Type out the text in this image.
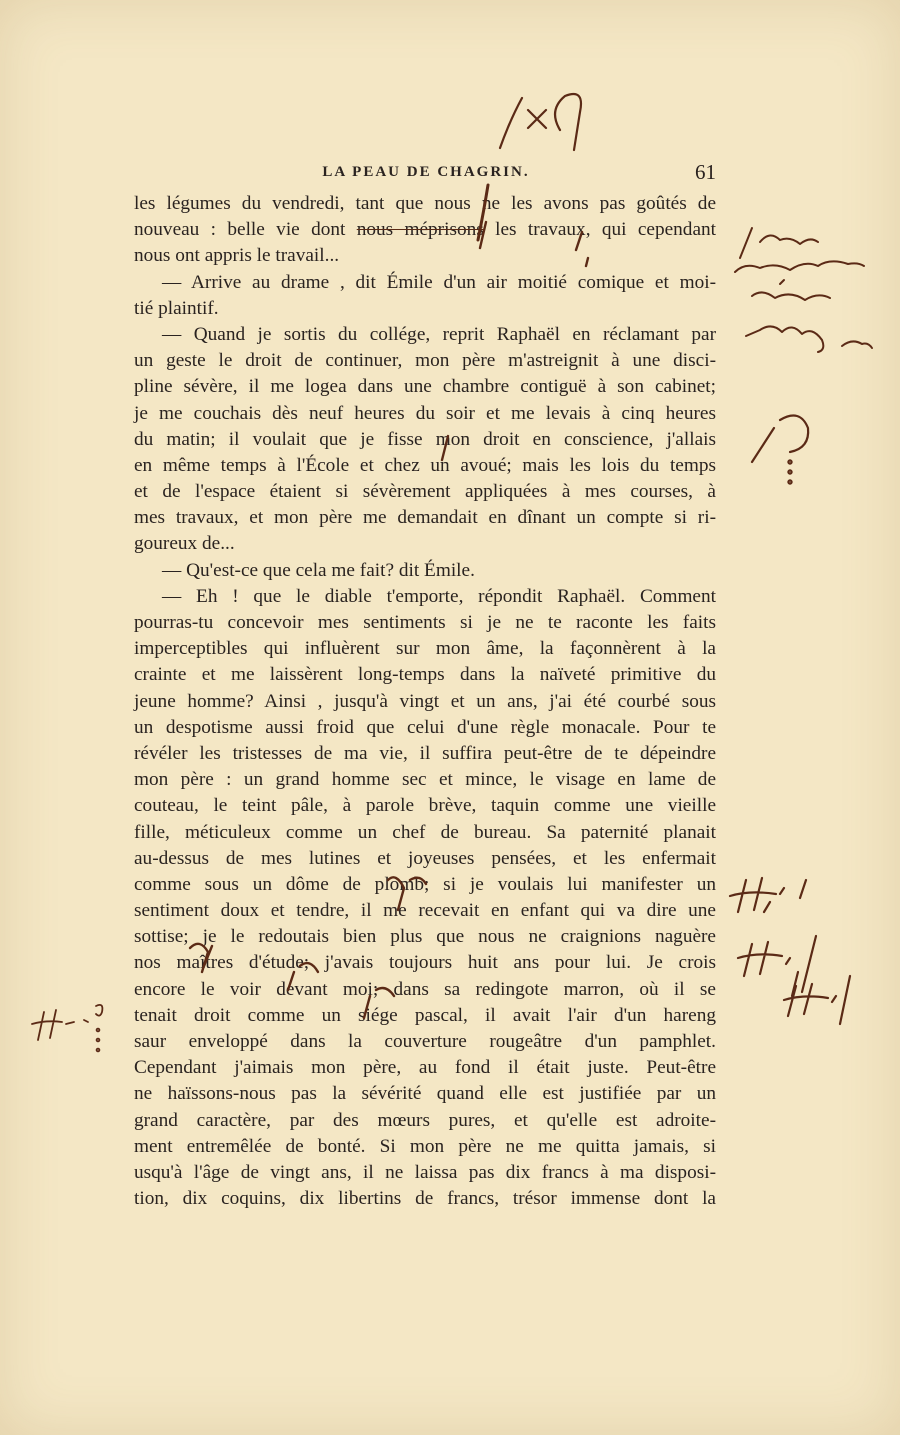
LA PEAU DE CHAGRIN.	61
les légumes du vendredi, tant que nous ne les avons pas goûtés de
nouveau : belle vie dont nous méprisons les travaux, qui cependant
nous ont appris le travail...
— Arrive au drame , dit Émile d'un air moitié comique et moi-
tié plaintif.
— Quand je sortis du collége, reprit Raphaël en réclamant par
un geste le droit de continuer, mon père m'astreignit à une disci-
pline sévère, il me logea dans une chambre contiguë à son cabinet;
je me couchais dès neuf heures du soir et me levais à cinq heures
du matin; il voulait que je fisse mon droit en conscience, j'allais
en même temps à l'École et chez un avoué; mais les lois du temps
et de l'espace étaient si sévèrement appliquées à mes courses, à
mes travaux, et mon père me demandait en dînant un compte si ri-
goureux de...
— Qu'est-ce que cela me fait? dit Émile.
— Eh ! que le diable t'emporte, répondit Raphaël. Comment
pourras-tu concevoir mes sentiments si je ne te raconte les faits
imperceptibles qui influèrent sur mon âme, la façonnèrent à la
crainte et me laissèrent long-temps dans la naïveté primitive du
jeune homme? Ainsi , jusqu'à vingt et un ans, j'ai été courbé sous
un despotisme aussi froid que celui d'une règle monacale. Pour te
révéler les tristesses de ma vie, il suffira peut-être de te dépeindre
mon père : un grand homme sec et mince, le visage en lame de
couteau, le teint pâle, à parole brève, taquin comme une vieille
fille, méticuleux comme un chef de bureau. Sa paternité planait
au-dessus de mes lutines et joyeuses pensées, et les enfermait
comme sous un dôme de plomb; si je voulais lui manifester un
sentiment doux et tendre, il me recevait en enfant qui va dire une
sottise; je le redoutais bien plus que nous ne craignions naguère
nos maîtres d'étude; j'avais toujours huit ans pour lui. Je crois
encore le voir devant moi; dans sa redingote marron, où il se
tenait droit comme un siége pascal, il avait l'air d'un hareng
saur enveloppé dans la couverture rougeâtre d'un pamphlet.
Cependant j'aimais mon père, au fond il était juste. Peut-être
ne haïssons-nous pas la sévérité quand elle est justifiée par un
grand caractère, par des mœurs pures, et qu'elle est adroite-
ment entremêlée de bonté. Si mon père ne me quitta jamais, si
usqu'à l'âge de vingt ans, il ne laissa pas dix francs à ma disposi-
tion, dix coquins, dix libertins de francs, trésor immense dont la
